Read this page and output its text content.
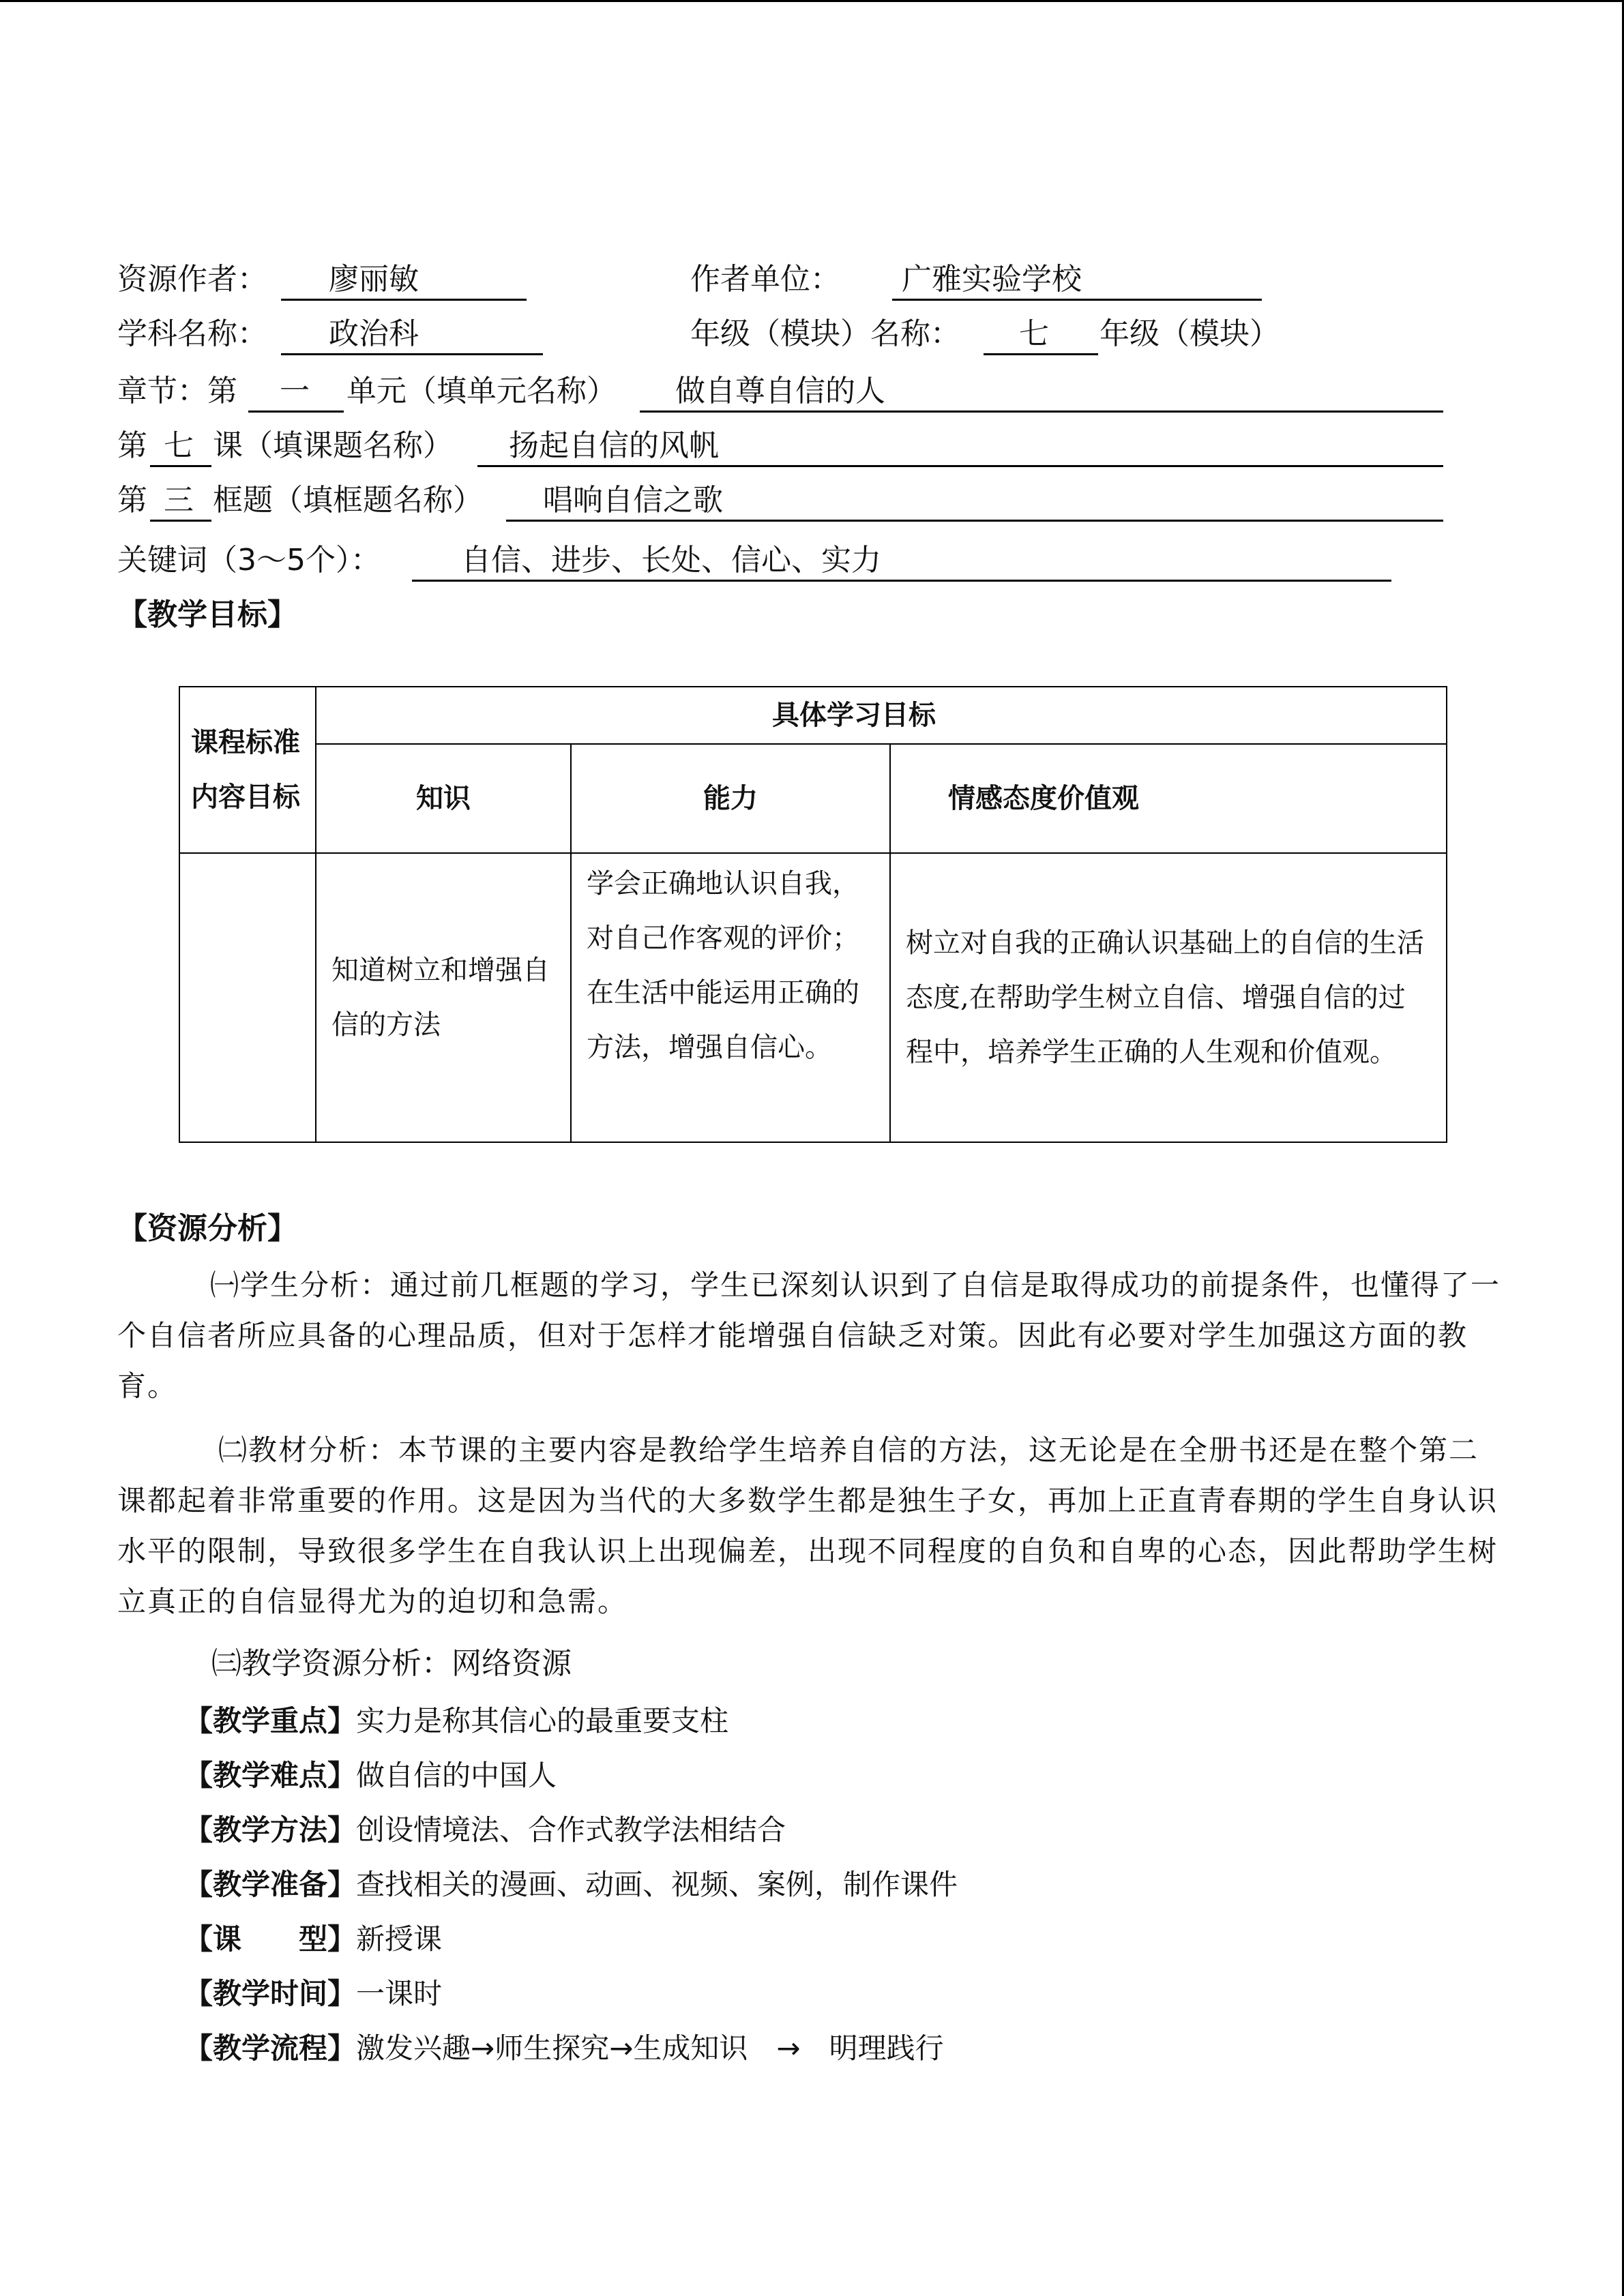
资源作者： 廖丽敏	作者单位： 广雅实验学校
学科名称： 政治科	年级（模块）名称： 七 年级（模块）
章节：第 一 单元（填单元名称） 做自尊自信的人
第 七 课（填课题名称） 扬起自信的风帆
第 三 框题（填框题名称） 唱响自信之歌
关键词（3～5个）：	自信、进步、长处、信心、实力
【教学目标】
课程标准内容目标	具体学习目标		
	知识	能力	情感态度价值观
	知道树立和增强自信的方法	学会正确地认识自我，对自己作客观的评价；在生活中能运用正确的方法，增强自信心。	树立对自我的正确认识基础上的自信的生活态度,在帮助学生树立自信、增强自信的过程中，培养学生正确的人生观和价值观。
【资源分析】
㈠学生分析：通过前几框题的学习，学生已深刻认识到了自信是取得成功的前提条件，也懂得了一个自信者所应具备的心理品质，但对于怎样才能增强自信缺乏对策。因此有必要对学生加强这方面的教育。
㈡教材分析：本节课的主要内容是教给学生培养自信的方法，这无论是在全册书还是在整个第二课都起着非常重要的作用。这是因为当代的大多数学生都是独生子女，再加上正直青春期的学生自身认识水平的限制，导致很多学生在自我认识上出现偏差，出现不同程度的自负和自卑的心态，因此帮助学生树立真正的自信显得尤为的迫切和急需。
㈢教学资源分析：网络资源
【教学重点】实力是称其信心的最重要支柱
【教学难点】做自信的中国人
【教学方法】创设情境法、合作式教学法相结合
【教学准备】查找相关的漫画、动画、视频、案例，制作课件
【课　　型】新授课
【教学时间】一课时
【教学流程】激发兴趣→师生探究→生成知识　→　明理践行
